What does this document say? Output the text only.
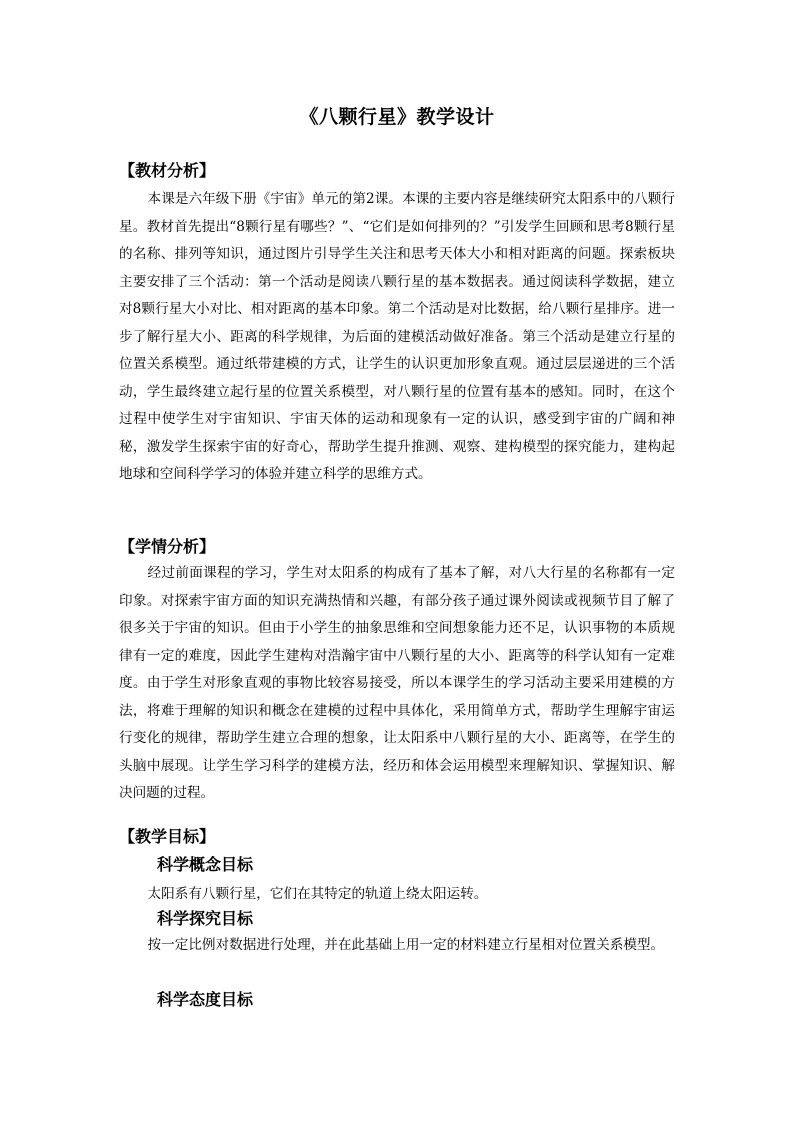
《八颗行星》教学设计
【教材分析】

本课是六年级下册《宇宙》单元的第2课。本课的主要内容是继续研究太阳系中的八颗行星。教材首先提出“8颗行星有哪些？”、“它们是如何排列的？”引发学生回顾和思考8颗行星的名称、排列等知识，通过图片引导学生关注和思考天体大小和相对距离的问题。探索板块主要安排了三个活动：第一个活动是阅读八颗行星的基本数据表。通过阅读科学数据，建立对8颗行星大小对比、相对距离的基本印象。第二个活动是对比数据，给八颗行星排序。进一步了解行星大小、距离的科学规律，为后面的建模活动做好准备。第三个活动是建立行星的位置关系模型。通过纸带建模的方式，让学生的认识更加形象直观。通过层层递进的三个活动，学生最终建立起行星的位置关系模型，对八颗行星的位置有基本的感知。同时，在这个过程中使学生对宇宙知识、宇宙天体的运动和现象有一定的认识，感受到宇宙的广阔和神秘，激发学生探索宇宙的好奇心，帮助学生提升推测、观察、建构模型的探究能力，建构起地球和空间科学学习的体验并建立科学的思维方式。

【学情分析】

经过前面课程的学习，学生对太阳系的构成有了基本了解，对八大行星的名称都有一定印象。对探索宇宙方面的知识充满热情和兴趣，有部分孩子通过课外阅读或视频节目了解了很多关于宇宙的知识。但由于小学生的抽象思维和空间想象能力还不足，认识事物的本质规律有一定的难度，因此学生建构对浩瀚宇宙中八颗行星的大小、距离等的科学认知有一定难度。由于学生对形象直观的事物比较容易接受，所以本课学生的学习活动主要采用建模的方法，将难于理解的知识和概念在建模的过程中具体化，采用简单方式，帮助学生理解宇宙运行变化的规律，帮助学生建立合理的想象，让太阳系中八颗行星的大小、距离等，在学生的头脑中展现。让学生学习科学的建模方法，经历和体会运用模型来理解知识、掌握知识、解决问题的过程。

【教学目标】
科学概念目标

太阳系有八颗行星，它们在其特定的轨道上绕太阳运转。

科学探究目标

按一定比例对数据进行处理，并在此基础上用一定的材料建立行星相对位置关系模型。

科学态度目标
